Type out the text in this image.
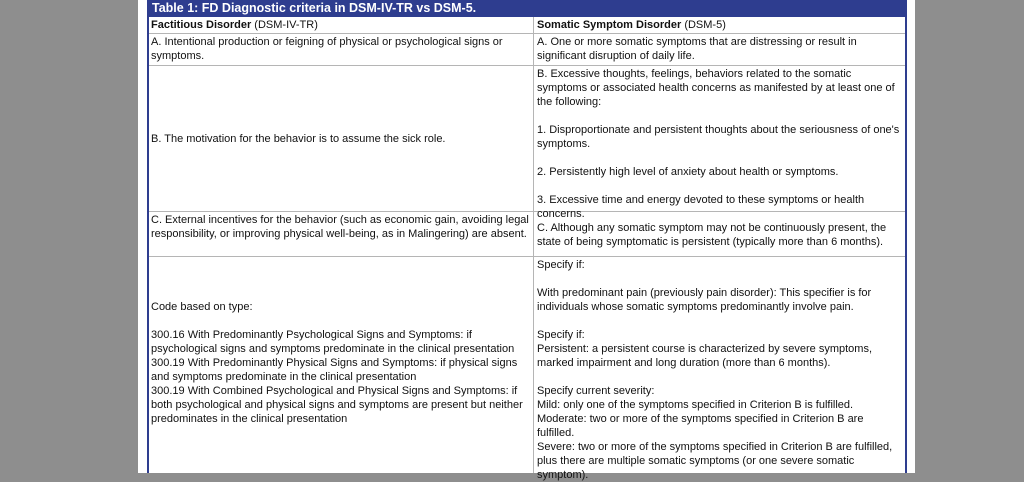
Table 1: FD Diagnostic criteria in DSM-IV-TR vs DSM-5.
Factitious Disorder (DSM-IV-TR)	Somatic Symptom Disorder (DSM-5)
A. Intentional production or feigning of physical or psychological signs or symptoms.
A. One or more somatic symptoms that are distressing or result in significant disruption of daily life.

B. The motivation for the behavior is to assume the sick role.

B. Excessive thoughts, feelings, behaviors related to the somatic symptoms or associated health concerns as manifested by at least one of the following:

1. Disproportionate and persistent thoughts about the seriousness of one's symptoms.

2. Persistently high level of anxiety about health or symptoms.

3. Excessive time and energy devoted to these symptoms or health concerns.

C. External incentives for the behavior (such as economic gain, avoiding legal responsibility, or improving physical well-being, as in Malingering) are absent.

C. Although any somatic symptom may not be continuously present, the state of being symptomatic is persistent (typically more than 6 months).

Code based on type:

300.16 With Predominantly Psychological Signs and Symptoms: if psychological signs and symptoms predominate in the clinical presentation

300.19 With Predominantly Physical Signs and Symptoms: if physical signs and symptoms predominate in the clinical presentation

300.19 With Combined Psychological and Physical Signs and Symptoms: if both psychological and physical signs and symptoms are present but neither predominates in the clinical presentation

Specify if:

With predominant pain (previously pain disorder): This specifier is for individuals whose somatic symptoms predominantly involve pain.

Specify if:

Persistent: a persistent course is characterized by severe symptoms, marked impairment and long duration (more than 6 months).

Specify current severity:

Mild: only one of the symptoms specified in Criterion B is fulfilled.

Moderate: two or more of the symptoms specified in Criterion B are fulfilled.

Severe: two or more of the symptoms specified in Criterion B are fulfilled, plus there are multiple somatic symptoms (or one severe somatic symptom).
